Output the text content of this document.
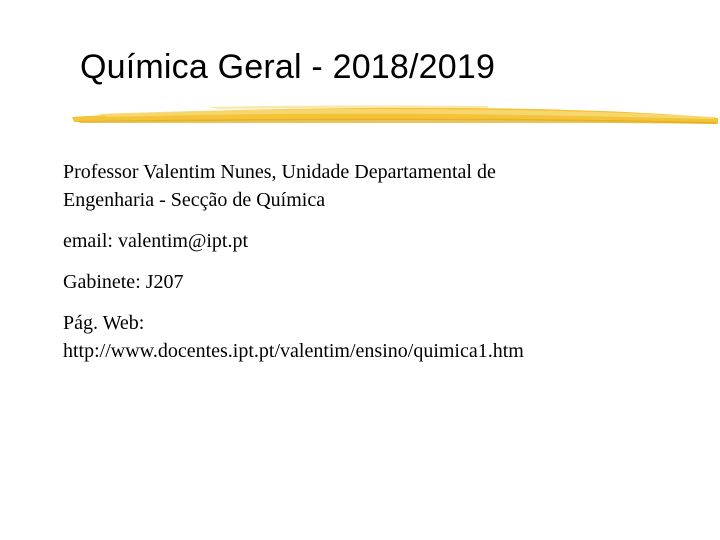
Química Geral - 2018/2019

Professor Valentim Nunes, Unidade Departamental de
Engenharia - Secção de Química

email: valentim@ipt.pt

Gabinete: J207

Pág. Web:
http://www.docentes.ipt.pt/valentim/ensino/quimica1.htm
